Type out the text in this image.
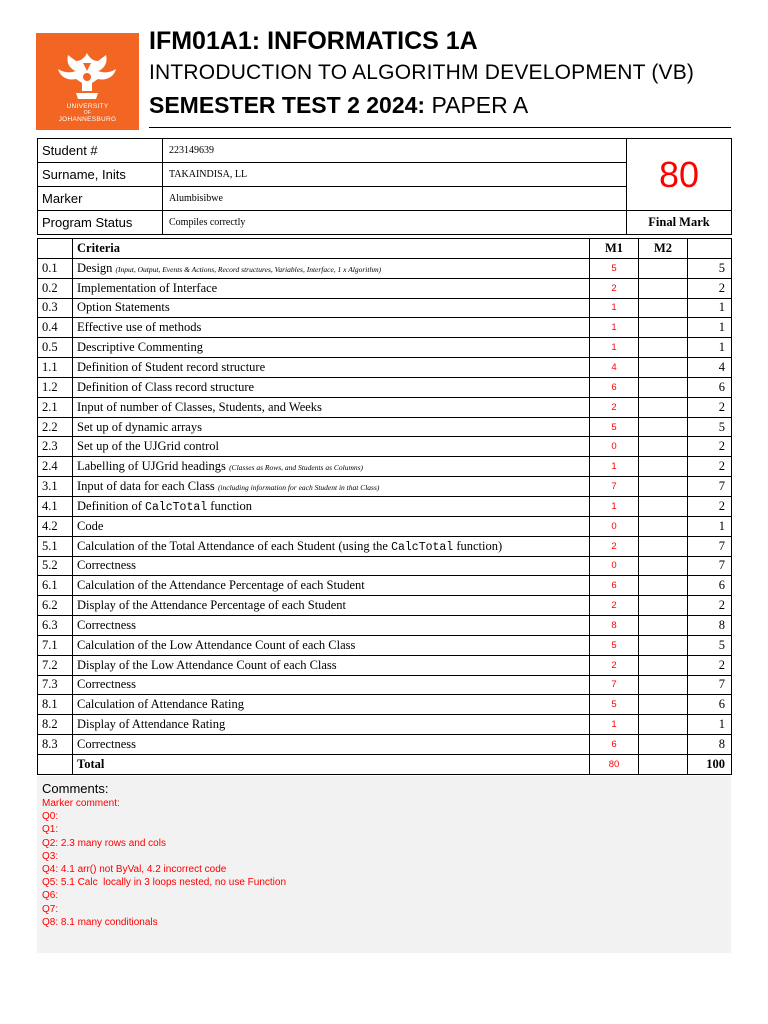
UNIVERSITY
OF
JOHANNESBURG
IFM01A1: INFORMATICS 1A
INTRODUCTION TO ALGORITHM DEVELOPMENT (VB)
SEMESTER TEST 2 2024: PAPER A
Student #	223149639	80
Surname, Inits	TAKAINDISA, LL	
Marker	Alumbisibwe	
Program Status	Compiles correctly	Final Mark
	Criteria	M1	M2	
0.1	Design (Input, Output, Events & Actions, Record structures, Variables, Interface, 1 x Algorithm)	5		5
0.2	Implementation of Interface	2		2
0.3	Option Statements	1		1
0.4	Effective use of methods	1		1
0.5	Descriptive Commenting	1		1
1.1	Definition of Student record structure	4		4
1.2	Definition of Class record structure	6		6
2.1	Input of number of Classes, Students, and Weeks	2		2
2.2	Set up of dynamic arrays	5		5
2.3	Set up of the UJGrid control	0		2
2.4	Labelling of UJGrid headings (Classes as Rows, and Students as Columns)	1		2
3.1	Input of data for each Class (including information for each Student in that Class)	7		7
4.1	Definition of CalcTotal function	1		2
4.2	Code	0		1
5.1	Calculation of the Total Attendance of each Student (using the CalcTotal function)	2		7
5.2	Correctness	0		7
6.1	Calculation of the Attendance Percentage of each Student	6		6
6.2	Display of the Attendance Percentage of each Student	2		2
6.3	Correctness	8		8
7.1	Calculation of the Low Attendance Count of each Class	5		5
7.2	Display of the Low Attendance Count of each Class	2		2
7.3	Correctness	7		7
8.1	Calculation of Attendance Rating	5		6
8.2	Display of Attendance Rating	1		1
8.3	Correctness	6		8
	Total	80		100
Comments:
Marker comment:
Q0:
Q1:
Q2: 2.3 many rows and cols
Q3:
Q4: 4.1 arr() not ByVal, 4.2 incorrect code
Q5: 5.1 Calc  locally in 3 loops nested, no use Function
Q6:
Q7:
Q8: 8.1 many conditionals
